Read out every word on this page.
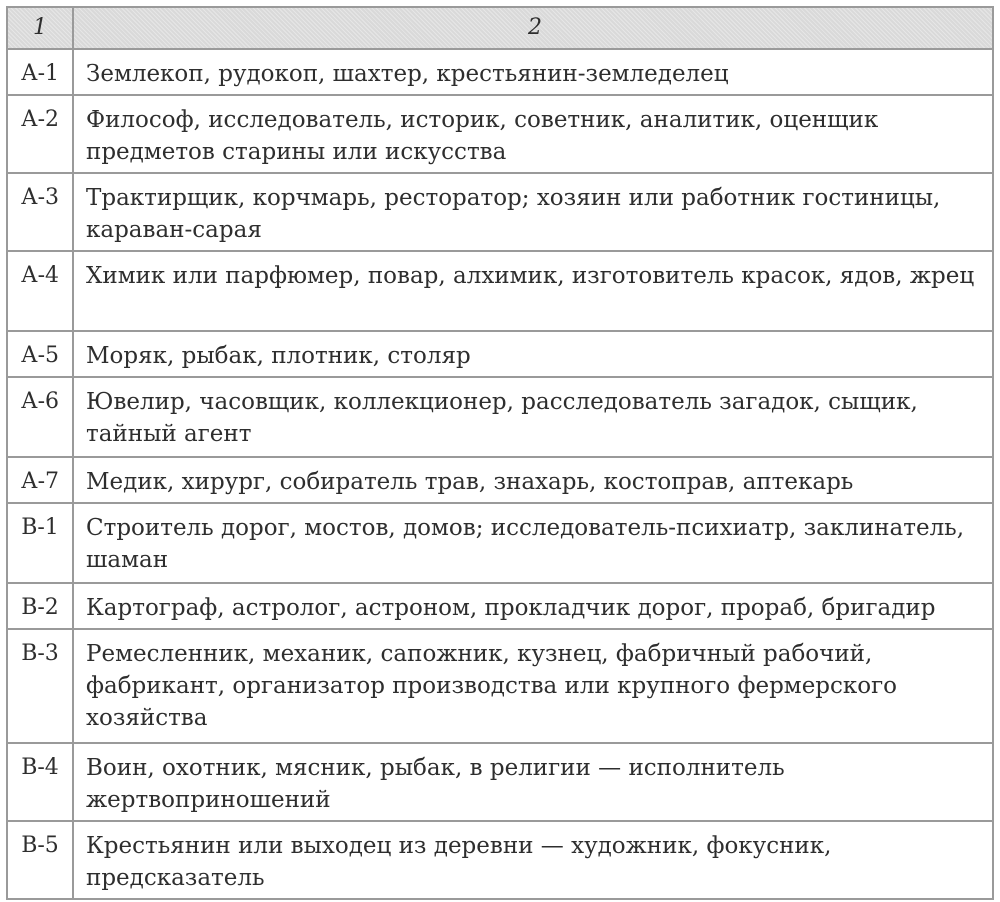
1	2
А-1	Землекоп, рудокоп, шахтер, крестьянин-земледелец
А-2	Философ, исследователь, историк, советник, аналитик, оценщик предметов старины или искусства
А-3	Трактирщик, корчмарь, ресторатор; хозяин или работник гостиницы, караван-сарая
А-4	Химик или парфюмер, повар, алхимик, изготовитель красок, ядов, жрец
А-5	Моряк, рыбак, плотник, столяр
А-6	Ювелир, часовщик, коллекционер, расследователь загадок, сыщик, тайный агент
А-7	Медик, хирург, собиратель трав, знахарь, костоправ, аптекарь
В-1	Строитель дорог, мостов, домов; исследователь-психиатр, заклинатель, шаман
В-2	Картограф, астролог, астроном, прокладчик дорог, прораб, бригадир
В-3	Ремесленник, механик, сапожник, кузнец, фабричный рабочий, фабрикант, организатор производства или крупного фермерского хозяйства
В-4	Воин, охотник, мясник, рыбак, в религии — исполнитель жертвоприношений
В-5	Крестьянин или выходец из деревни — художник, фокусник, предсказатель
